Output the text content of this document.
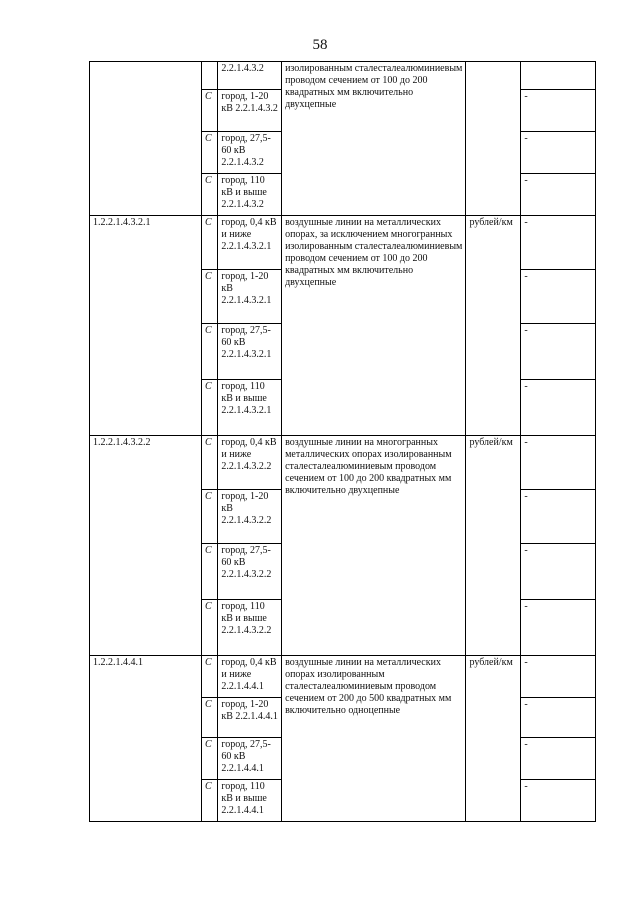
58
		2.2.1.4.3.2	изолированным сталесталеалюминиевым проводом сечением от 100 до 200 квадратных мм включительно двухцепные		
	С	город, 1-20 кВ 2.2.1.4.3.2			-
	С	город, 27,5-60 кВ 2.2.1.4.3.2			-
	С	город, 110 кВ и выше 2.2.1.4.3.2			-
1.2.2.1.4.3.2.1	С	город, 0,4 кВ и ниже 2.2.1.4.3.2.1	воздушные линии на металлических опорах, за исключением многогранных изолированным сталесталеалюминиевым проводом сечением от 100 до 200 квадратных мм включительно двухцепные	рублей/км	-
	С	город, 1-20 кВ 2.2.1.4.3.2.1			-
	С	город, 27,5-60 кВ 2.2.1.4.3.2.1			-
	С	город, 110 кВ и выше 2.2.1.4.3.2.1			-
1.2.2.1.4.3.2.2	С	город, 0,4 кВ и ниже 2.2.1.4.3.2.2	воздушные линии на многогранных металлических опорах изолированным сталесталеалюминиевым проводом сечением от 100 до 200 квадратных мм включительно двухцепные	рублей/км	-
	С	город, 1-20 кВ 2.2.1.4.3.2.2			-
	С	город, 27,5-60 кВ 2.2.1.4.3.2.2			-
	С	город, 110 кВ и выше 2.2.1.4.3.2.2			-
1.2.2.1.4.4.1	С	город, 0,4 кВ и ниже 2.2.1.4.4.1	воздушные линии на металлических опорах изолированным сталесталеалюминиевым проводом сечением от 200 до 500 квадратных мм включительно одноцепные	рублей/км	-
	С	город, 1-20 кВ 2.2.1.4.4.1			-
	С	город, 27,5-60 кВ 2.2.1.4.4.1			-
	С	город, 110 кВ и выше 2.2.1.4.4.1			-
